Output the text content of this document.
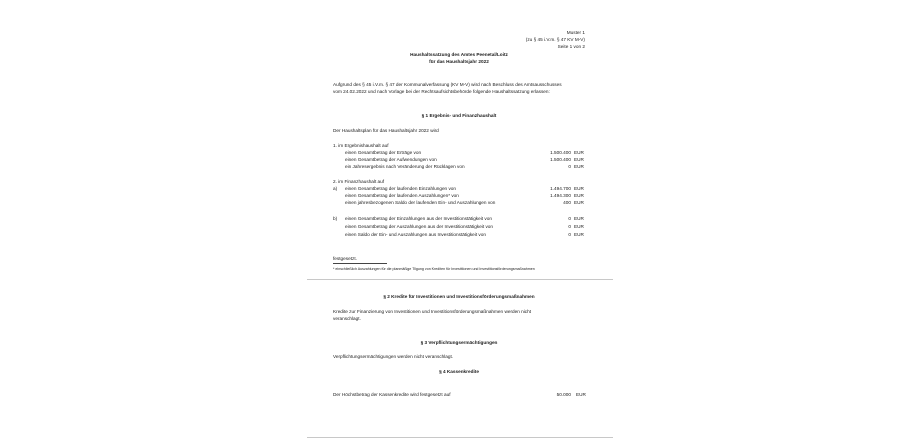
Muster 1
(zu § 45 i.V.m. § 47 KV M-V)
Seite 1 von 2
Haushaltssatzung des Amtes Peenetal/Loitz
für das Haushaltsjahr 2022
Aufgrund des § 45 i.V.m. § 47 der Kommunalverfassung (KV M-V) wird nach Beschluss des Amtsausschusses
vom 24.02.2022 und nach Vorlage bei der Rechtsaufsichtsbehörde folgende Haushaltssatzung erlassen:
§ 1 Ergebnis- und Finanzhaushalt
Der Haushaltsplan für das Haushaltsjahr 2022 wird
1. im Ergebnishaushalt auf
einen Gesamtbetrag der Erträge von	1.500.400 EUR
einen Gesamtbetrag der Aufwendungen von	1.500.400 EUR
ein Jahresergebnis nach Veränderung der Rücklagen von	0 EUR
2. im Finanzhaushalt auf
a) einen Gesamtbetrag der laufenden Einzahlungen von	1.494.700 EUR
einen Gesamtbetrag der laufenden Auszahlungen* von	1.494.300 EUR
einen jahresbezogenen Saldo der laufenden Ein- und Auszahlungen von	400 EUR
b) einen Gesamtbetrag der Einzahlungen aus der Investitionstätigkeit von	0 EUR
einen Gesamtbetrag der Auszahlungen aus der Investitionstätigkeit von	0 EUR
einen Saldo der Ein- und Auszahlungen aus Investitionstätigkeit von	0 EUR
festgesetzt.
* einschließlich Auszahlungen für die planmäßige Tilgung von Krediten für Investitionen und Investitionsförderungsmaßnahmen
§ 2 Kredite für Investitionen und Investitionsförderungsmaßnahmen
Kredite zur Finanzierung von Investitionen und Investitionsförderungsmaßnahmen werden nicht
veranschlagt.
§ 3 Verpflichtungsermächtigungen
Verpflichtungsermächtigungen werden nicht veranschlagt.
§ 4 Kassenkredite
Der Höchstbetrag der Kassenkredite wird festgesetzt auf	50.000 EUR
